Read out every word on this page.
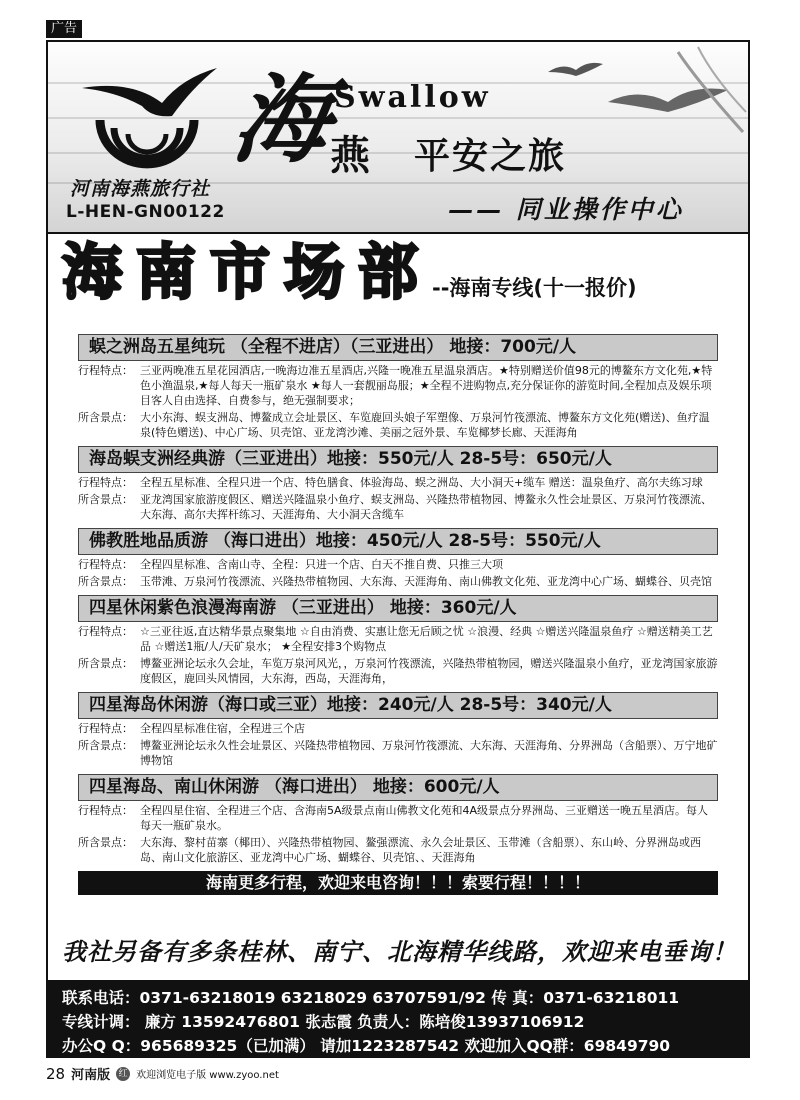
广告
河南海燕旅行社
L-HEN-GN00122
海
Swallow
燕 平安之旅
—— 同业操作中心
海南市场部 --海南专线(十一报价)
蜈之洲岛五星纯玩 （全程不进店）（三亚进出） 地接：700元/人
行程特点： 三亚两晚准五星花园酒店,一晚海边准五星酒店,兴隆一晚准五星温泉酒店。★特别赠送价值98元的博鳌东方文化苑,★特色小渔温泉,★每人每天一瓶矿泉水 ★每人一套靓丽岛服；★全程不进购物点,充分保证你的游览时间,全程加点及娱乐项目客人自由选择、自费参与，绝无强制要求；
所含景点： 大小东海、蜈支洲岛、博鳌成立会址景区、车览鹿回头娘子军塑像、万泉河竹筏漂流、博鳌东方文化苑(赠送)、鱼疗温泉(特色赠送)、中心广场、贝壳馆、亚龙湾沙滩、美丽之冠外景、车览椰梦长廊、天涯海角
海岛蜈支洲经典游（三亚进出）地接：550元/人 28-5号：650元/人
行程特点： 全程五星标准、全程只进一个店、特色膳食、体验海岛、蜈之洲岛、大小洞天+缆车 赠送：温泉鱼疗、高尔夫练习球
所含景点： 亚龙湾国家旅游度假区、赠送兴隆温泉小鱼疗、蜈支洲岛、兴隆热带植物园、博鳌永久性会址景区、万泉河竹筏漂流、大东海、高尔夫挥杆练习、天涯海角、大小洞天含缆车
佛教胜地品质游 （海口进出）地接：450元/人 28-5号：550元/人
行程特点： 全程四星标准、含南山寺、全程：只进一个店、白天不推自费、只推三大项
所含景点： 玉带滩、万泉河竹筏漂流、兴隆热带植物园、大东海、天涯海角、南山佛教文化苑、亚龙湾中心广场、蝴蝶谷、贝壳馆
四星休闲紫色浪漫海南游 （三亚进出） 地接：360元/人
行程特点： ☆三亚往返,直达精华景点聚集地 ☆自由消费、实惠让您无后顾之忧 ☆浪漫、经典 ☆赠送兴隆温泉鱼疗 ☆赠送精美工艺品 ☆赠送1瓶/人/天矿泉水； ★全程安排3个购物点
所含景点： 博鳌亚洲论坛永久会址，车览万泉河风光，，万泉河竹筏漂流，兴隆热带植物园，赠送兴隆温泉小鱼疗，亚龙湾国家旅游度假区，鹿回头风情园，大东海，西岛，天涯海角，
四星海岛休闲游（海口或三亚）地接：240元/人 28-5号：340元/人
行程特点： 全程四星标准住宿，全程进三个店
所含景点： 博鳌亚洲论坛永久性会址景区、兴隆热带植物园、万泉河竹筏漂流、大东海、天涯海角、分界洲岛（含船票）、万宁地矿博物馆
四星海岛、南山休闲游 （海口进出） 地接：600元/人
行程特点： 全程四星住宿、全程进三个店、含海南5A级景点南山佛教文化苑和4A级景点分界洲岛、三亚赠送一晚五星酒店。每人每天一瓶矿泉水。
所含景点： 大东海、黎村苗寨（椰田）、兴隆热带植物园、鳌强漂流、永久会址景区、玉带滩（含船票）、东山岭、分界洲岛或西岛、南山文化旅游区、亚龙湾中心广场、蝴蝶谷、贝壳馆、、天涯海角
海南更多行程，欢迎来电咨询！！！索要行程！！！！
我社另备有多条桂林、南宁、北海精华线路，欢迎来电垂询！
联系电话：0371-63218019 63218029 63707591/92 传 真：0371-63218011
专线计调： 廉方 13592476801 张志霞 负责人：陈培俊13937106912
办公Q Q：965689325（已加满） 请加1223287542 欢迎加入QQ群：69849790
28 河南版 红 欢迎浏览电子版 www.zyoo.net
